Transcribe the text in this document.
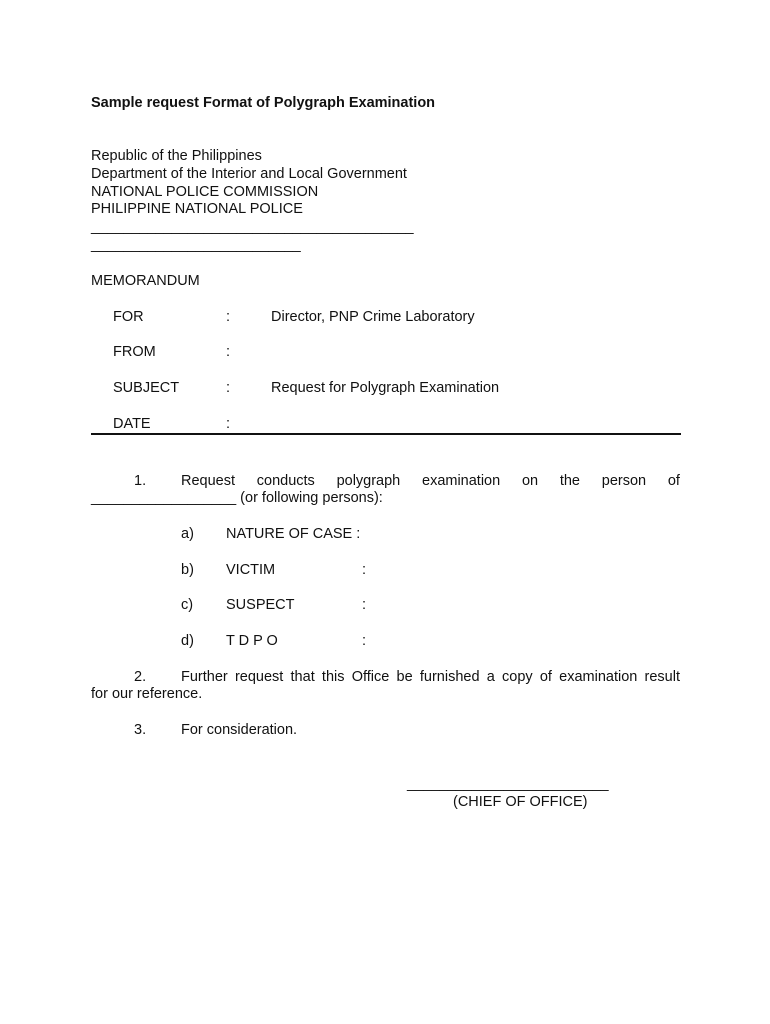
Sample request Format of Polygraph Examination
Republic of the Philippines
Department of the Interior and Local Government
NATIONAL POLICE COMMISSION
PHILIPPINE NATIONAL POLICE
________________________________________
__________________________
MEMORANDUM
FOR	:	Director, PNP Crime Laboratory
FROM	:
SUBJECT	:	Request for Polygraph Examination
DATE	:
1. Request conducts polygraph examination on the person of
__________________ (or following persons):
a) NATURE OF CASE :
b) VICTIM	:
c) SUSPECT	:
d) T D P O	:
2. Further request that this Office be furnished a copy of examination result
for our reference.
3. For consideration.
_________________________
(CHIEF OF OFFICE)
